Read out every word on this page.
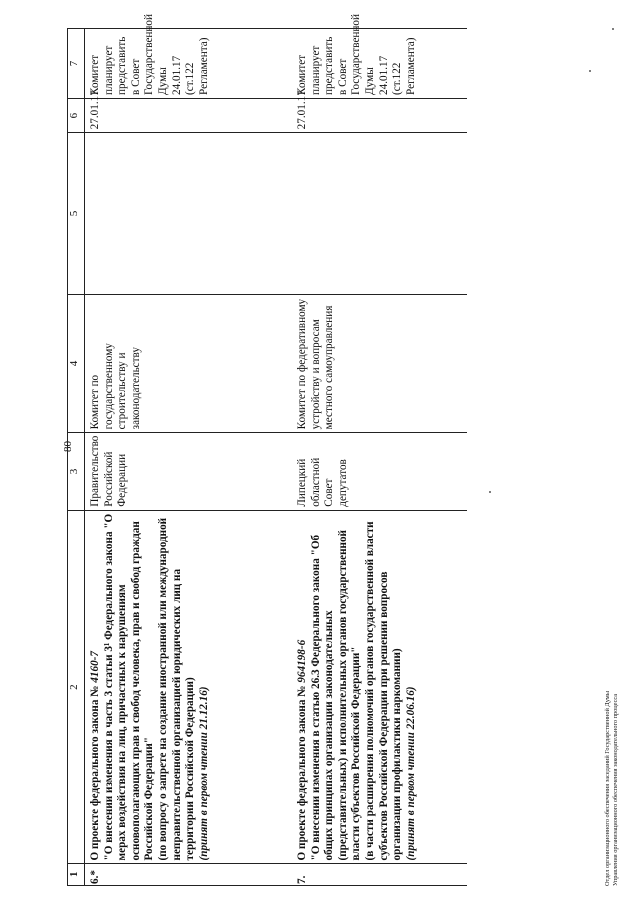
80
1	2	3	4	5	6	7
6.*	О проекте федерального закона № 4160-7 "О внесении изменения в часть 3 статьи 3¹ Федерального закона "О мерах воздействия на лиц, причастных к нарушениям основополагающих прав и свобод человека, прав и свобод граждан Российской Федерации" (по вопросу о запрете на создание иностранной или международной неправительственной организацией юридических лиц на территории Российской Федерации) (принят в первом чтении 21.12.16)	Правительство Российской Федерации	Комитет по государственному строительству и законодательству		27.01.17	Комитет планирует представить в Совет Государственной Думы 24.01.17 (ст.122 Регламента)
7.	О проекте федерального закона № 964198-6 "О внесении изменения в статью 26.3 Федерального закона "Об общих принципах организации законодательных (представительных) и исполнительных органов государственной власти субъектов Российской Федерации" (в части расширения полномочий органов государственной власти субъектов Российской Федерации при решении вопросов организации профилактики наркомании) (принят в первом чтении 22.06.16)	Липецкий областной Совет депутатов	Комитет по федеративному устройству и вопросам местного самоуправления		27.01.17	Комитет планирует представить в Совет Государственной Думы 24.01.17 (ст.122 Регламента)
Отдел организационного обеспечения заседаний Государственной Думы Управления организационного обеспечения законодательного процесса
